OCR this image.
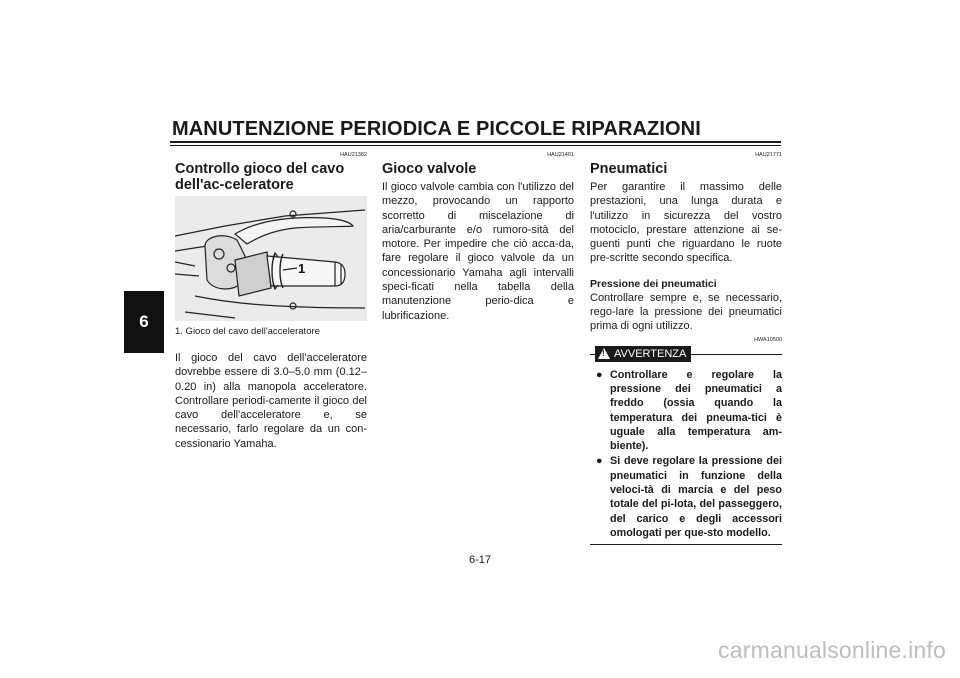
MANUTENZIONE PERIODICA E PICCOLE RIPARAZIONI
6
HAU21382
Controllo gioco del cavo dell'ac-celeratore
1
1. Gioco del cavo dell'acceleratore

Il gioco del cavo dell'acceleratore dovrebbe essere di 3.0–5.0 mm (0.12–0.20 in) alla manopola acceleratore. Controllare periodi-camente il gioco del cavo dell'acceleratore e, se necessario, farlo regolare da un con-cessionario Yamaha.

HAU21401
Gioco valvole

Il gioco valvole cambia con l'utilizzo del mezzo, provocando un rapporto scorretto di miscelazione di aria/carburante e/o rumoro-sità del motore. Per impedire che ciò acca-da, fare regolare il gioco valvole da un concessionario Yamaha agli intervalli speci-ficati nella tabella della manutenzione perio-dica e lubrificazione.

HAU21771
Pneumatici

Per garantire il massimo delle prestazioni, una lunga durata e l'utilizzo in sicurezza del vostro motociclo, prestare attenzione ai se-guenti punti che riguardano le ruote pre-scritte secondo specifica.

Pressione dei pneumatici

Controllare sempre e, se necessario, rego-lare la pressione dei pneumatici prima di ogni utilizzo.

HWA10500
! AVVERTENZA
● Controllare e regolare la pressione dei pneumatici a freddo (ossia quando la temperatura dei pneuma-tici è uguale alla temperatura am-biente).
● Si deve regolare la pressione dei pneumatici in funzione della veloci-tà di marcia e del peso totale del pi-lota, del passeggero, del carico e degli accessori omologati per que-sto modello.
6-17
carmanualsonline.info
